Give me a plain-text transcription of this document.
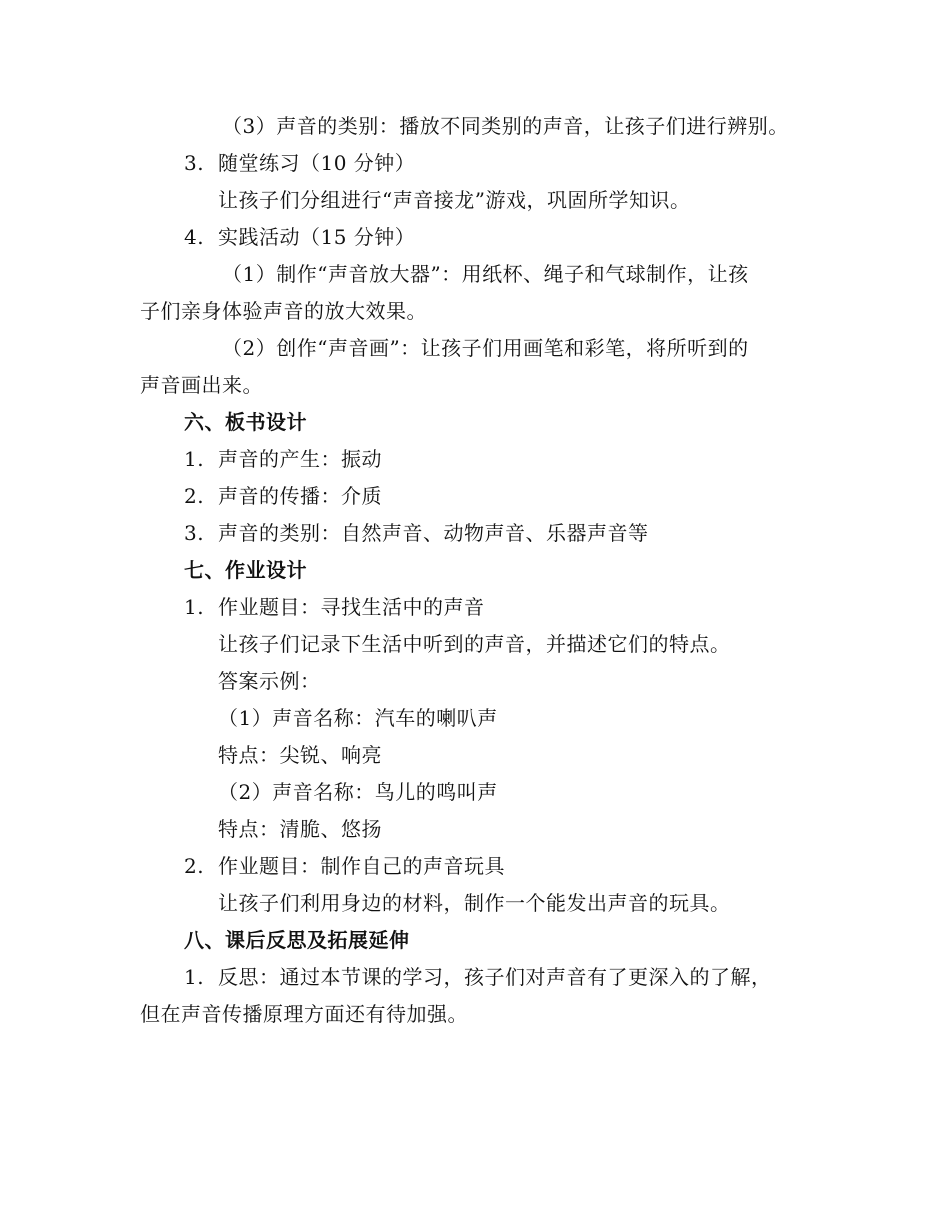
（3）声音的类别：播放不同类别的声音，让孩子们进行辨别。
3. 随堂练习（10 分钟）
让孩子们分组进行“声音接龙”游戏，巩固所学知识。
4. 实践活动（15 分钟）
（1）制作“声音放大器”：用纸杯、绳子和气球制作，让孩
子们亲身体验声音的放大效果。
（2）创作“声音画”：让孩子们用画笔和彩笔，将所听到的
声音画出来。
六、板书设计
1. 声音的产生：振动
2. 声音的传播：介质
3. 声音的类别：自然声音、动物声音、乐器声音等
七、作业设计
1. 作业题目：寻找生活中的声音
让孩子们记录下生活中听到的声音，并描述它们的特点。
答案示例：
（1）声音名称：汽车的喇叭声
特点：尖锐、响亮
（2）声音名称：鸟儿的鸣叫声
特点：清脆、悠扬
2. 作业题目：制作自己的声音玩具
让孩子们利用身边的材料，制作一个能发出声音的玩具。
八、课后反思及拓展延伸
1. 反思：通过本节课的学习，孩子们对声音有了更深入的了解，
但在声音传播原理方面还有待加强。
